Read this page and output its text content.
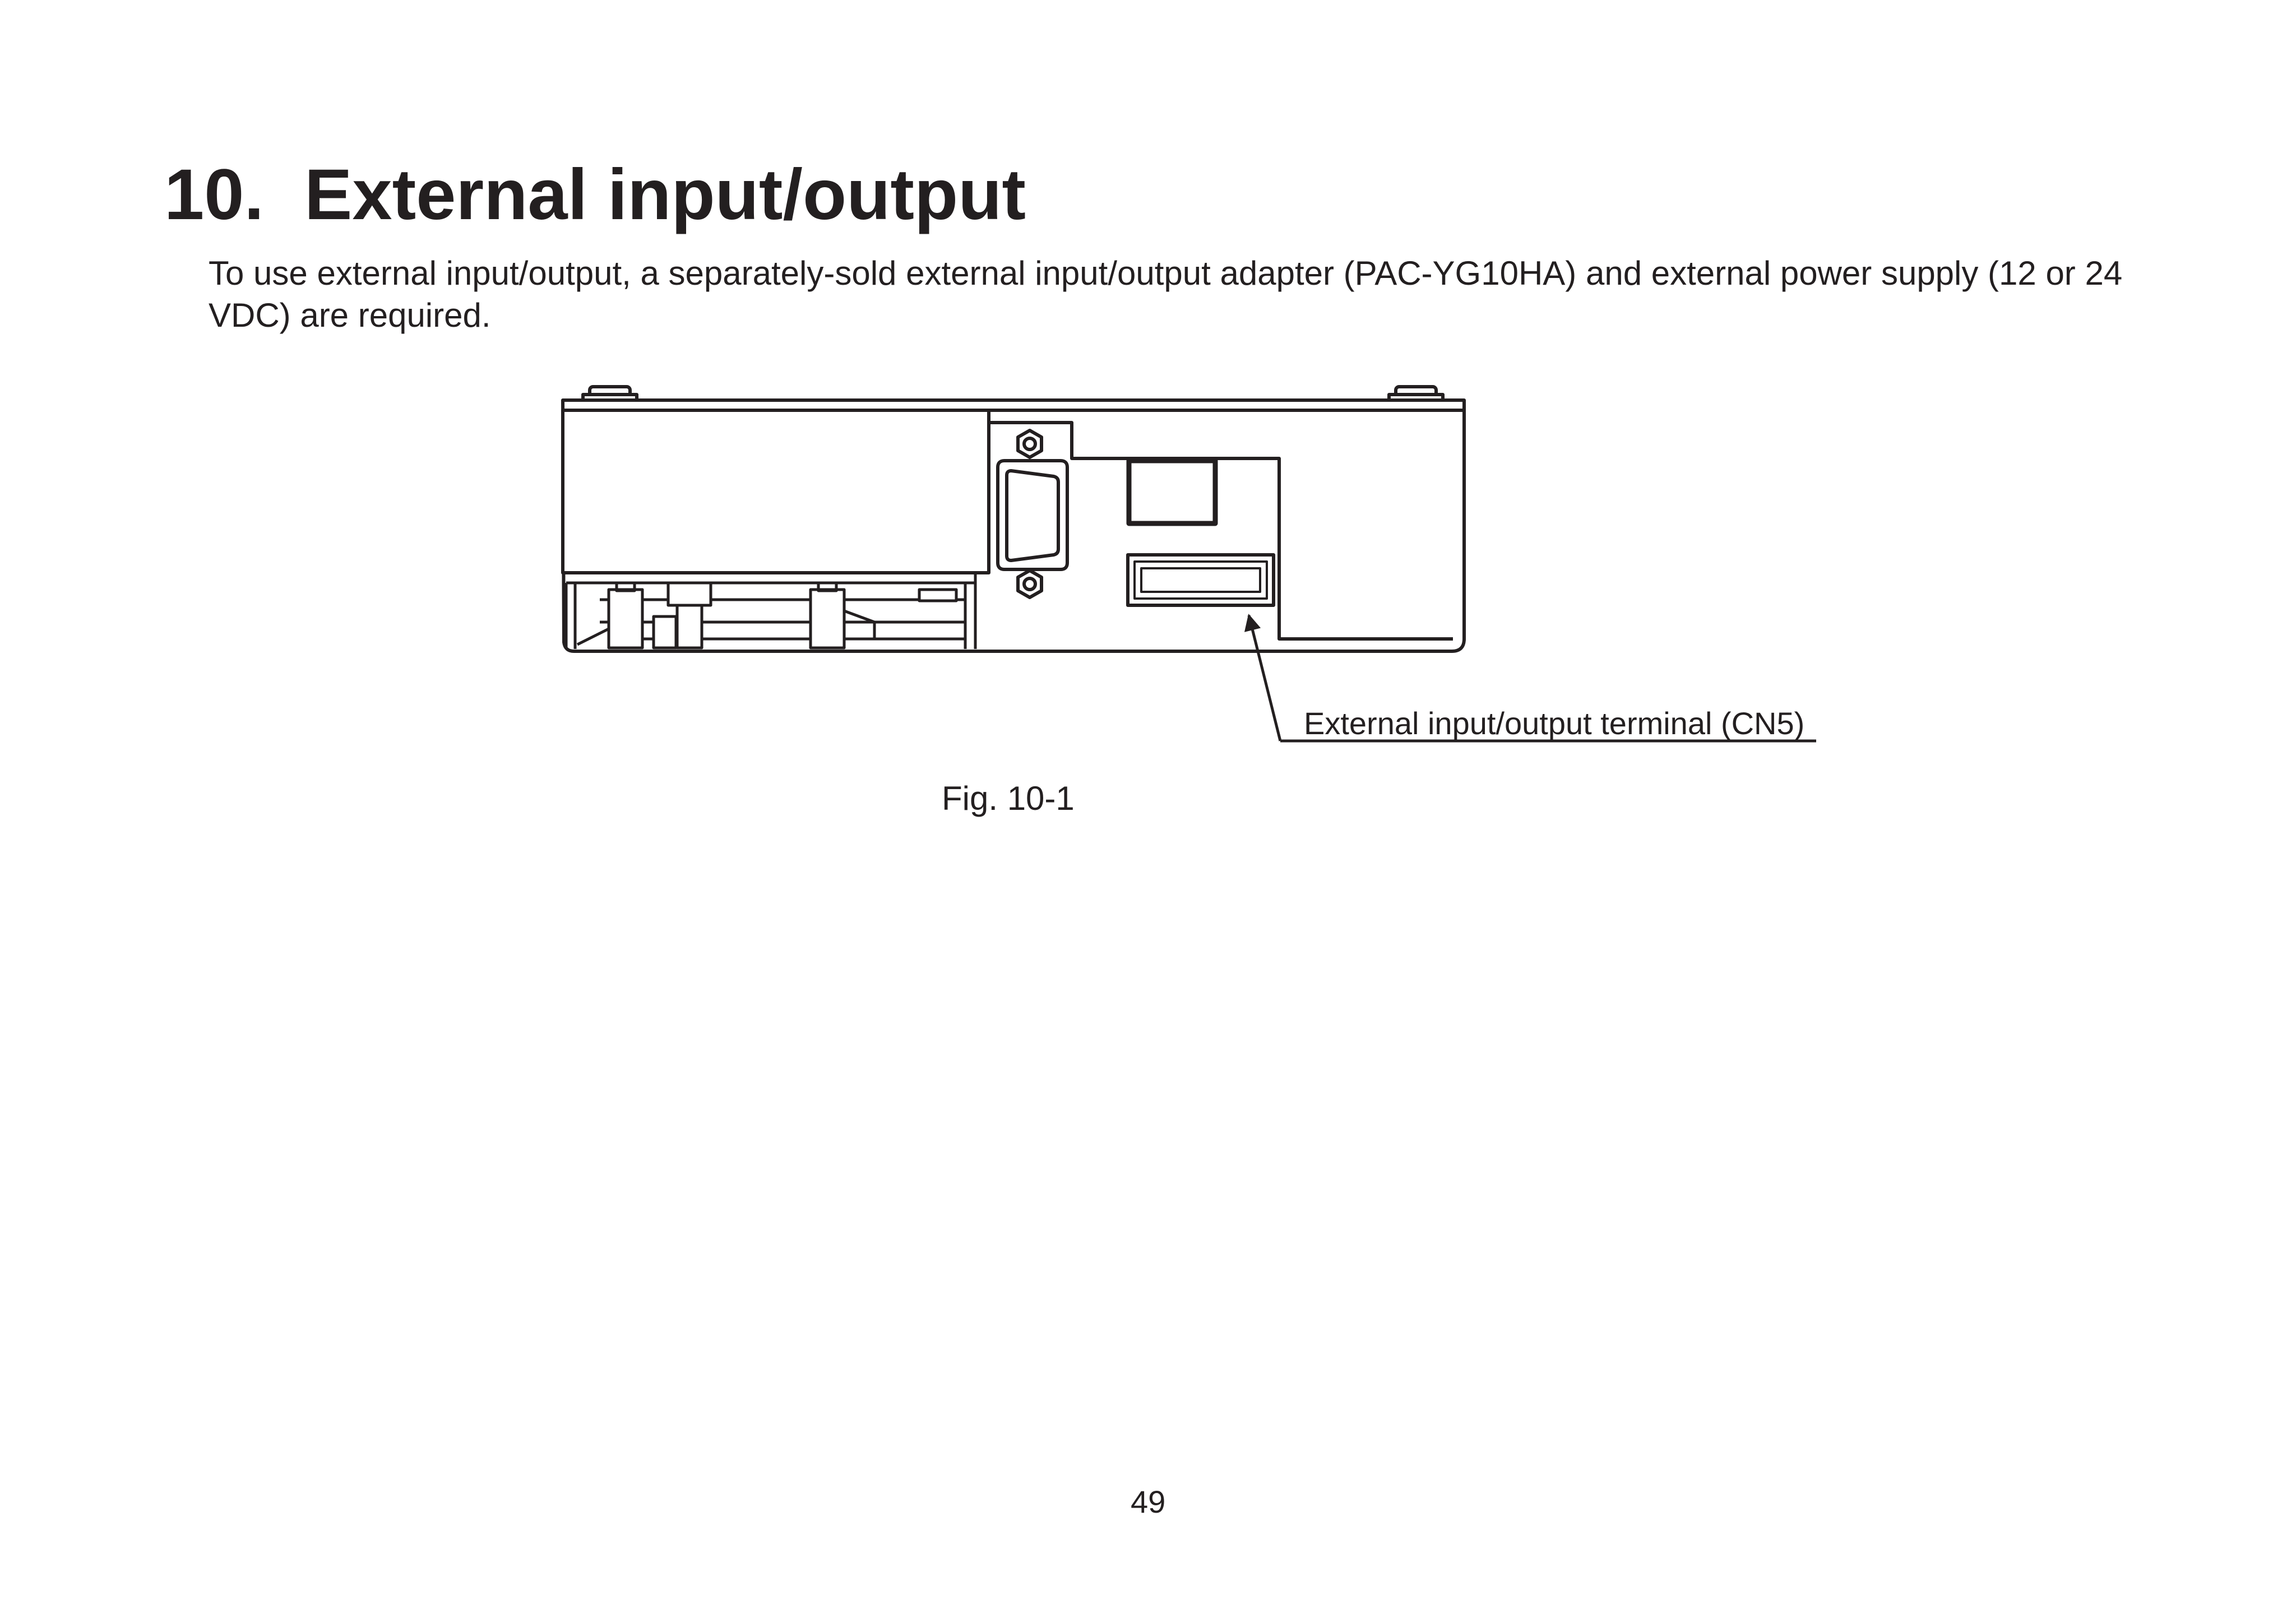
10. External input/output

To use external input/output, a separately-sold external input/output adapter (PAC-YG10HA) and external power supply (12 or 24 VDC) are required.

External input/output terminal (CN5)

Fig. 10-1

49
